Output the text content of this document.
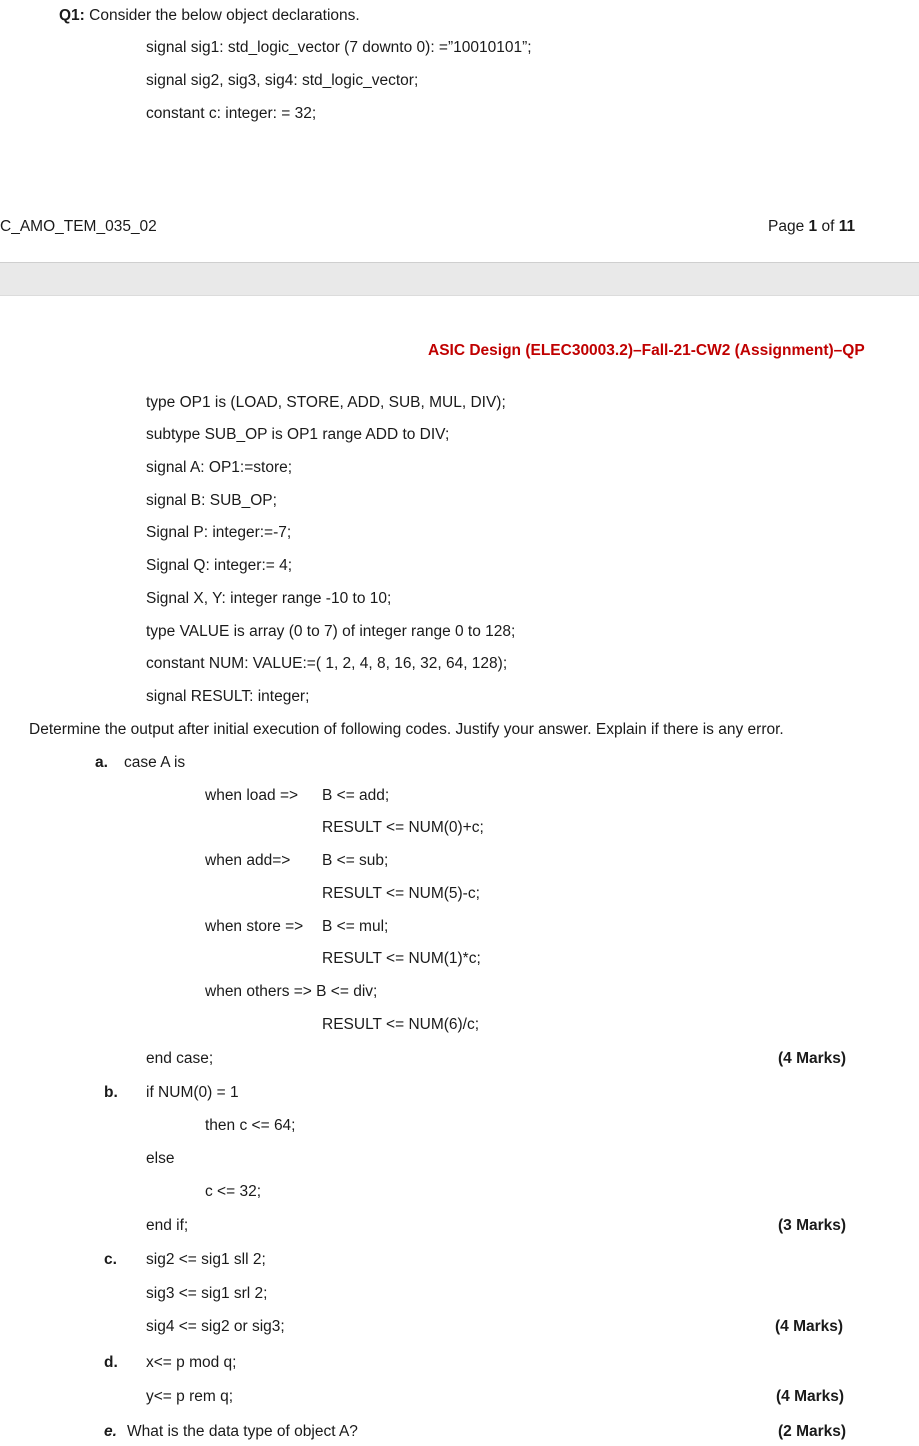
Q1: Consider the below object declarations.
signal sig1: std_logic_vector (7 downto 0): =”10010101”;
signal sig2, sig3, sig4: std_logic_vector;
constant c: integer: = 32;
C_AMO_TEM_035_02	Page 1 of 11
ASIC Design (ELEC30003.2)–Fall-21-CW2 (Assignment)–QP
type OP1 is (LOAD, STORE, ADD, SUB, MUL, DIV);
subtype SUB_OP is OP1 range ADD to DIV;
signal A: OP1:=store;
signal B: SUB_OP;
Signal P: integer:=-7;
Signal Q: integer:= 4;
Signal X, Y: integer range -10 to 10;
type VALUE is array (0 to 7) of integer range 0 to 128;
constant NUM: VALUE:=( 1, 2, 4, 8, 16, 32, 64, 128);
signal RESULT: integer;
Determine the output after initial execution of following codes. Justify your answer. Explain if there is any error.
a. case A is
when load => B <= add;
RESULT <= NUM(0)+c;
when add=> B <= sub;
RESULT <= NUM(5)-c;
when store => B <= mul;
RESULT <= NUM(1)*c;
when others => B <= div;
RESULT <= NUM(6)/c;
end case;	(4 Marks)
b. if NUM(0) = 1
then c <= 64;
else
c <= 32;
end if;	(3 Marks)
c. sig2 <= sig1 sll 2;
sig3 <= sig1 srl 2;
sig4 <= sig2 or sig3;	(4 Marks)
d. x<= p mod q;
y<= p rem q;	(4 Marks)
e. What is the data type of object A?	(2 Marks)
